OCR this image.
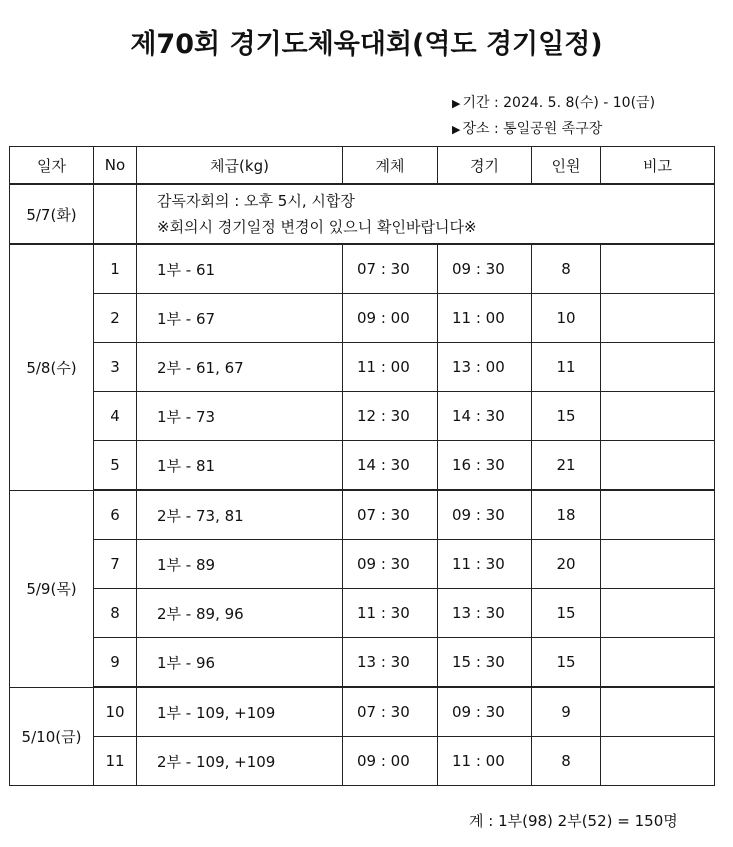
제70회 경기도체육대회(역도 경기일정)
▶ 기간 : 2024. 5. 8(수) - 10(금)
▶ 장소 : 통일공원 족구장
일자	No	체급(kg)	계체	경기	인원	비고
5/7(화)		감독자회의 : 오후 5시, 시합장
※회의시 경기일정 변경이 있으니 확인바랍니다※				

5/8(수)	1	1부 - 61	07 : 30	09 : 30	8	
	2	1부 - 67	09 : 00	11 : 00	10	
	3	2부 - 61, 67	11 : 00	13 : 00	11	
	4	1부 - 73	12 : 30	14 : 30	15	
	5	1부 - 81	14 : 30	16 : 30	21	
5/9(목)	6	2부 - 73, 81	07 : 30	09 : 30	18	
	7	1부 - 89	09 : 30	11 : 30	20	
	8	2부 - 89, 96	11 : 30	13 : 30	15	
	9	1부 - 96	13 : 30	15 : 30	15	
5/10(금)	10	1부 - 109, +109	07 : 30	09 : 30	9	
	11	2부 - 109, +109	09 : 00	11 : 00	8	
계 : 1부(98) 2부(52) = 150명
